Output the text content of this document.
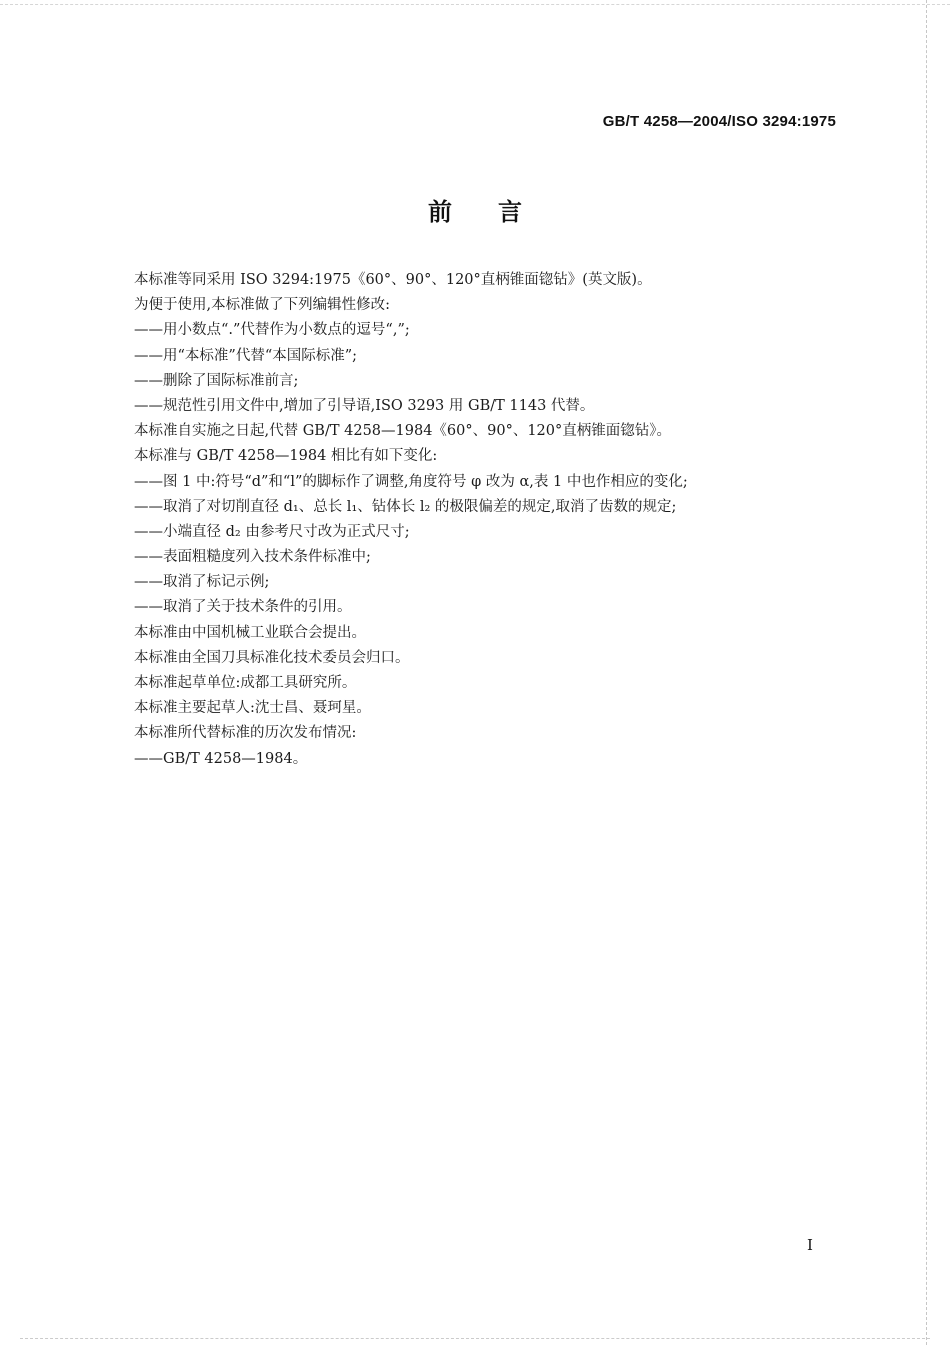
GB/T 4258—2004/ISO 3294:1975
前言
本标准等同采用 ISO 3294:1975《60°、90°、120°直柄锥面锪钻》(英文版)。
为便于使用,本标准做了下列编辑性修改:
——用小数点“.”代替作为小数点的逗号“,”;
——用“本标准”代替“本国际标准”;
——删除了国际标准前言;
——规范性引用文件中,增加了引导语,ISO 3293 用 GB/T 1143 代替。
本标准自实施之日起,代替 GB/T 4258—1984《60°、90°、120°直柄锥面锪钻》。
本标准与 GB/T 4258—1984 相比有如下变化:
——图 1 中:符号“d”和“l”的脚标作了调整,角度符号 φ 改为 α,表 1 中也作相应的变化;
——取消了对切削直径 d₁、总长 l₁、钻体长 l₂ 的极限偏差的规定,取消了齿数的规定;
——小端直径 d₂ 由参考尺寸改为正式尺寸;
——表面粗糙度列入技术条件标准中;
——取消了标记示例;
——取消了关于技术条件的引用。
本标准由中国机械工业联合会提出。
本标准由全国刀具标准化技术委员会归口。
本标准起草单位:成都工具研究所。
本标准主要起草人:沈士昌、聂珂星。
本标准所代替标准的历次发布情况:
——GB/T 4258—1984。
I
